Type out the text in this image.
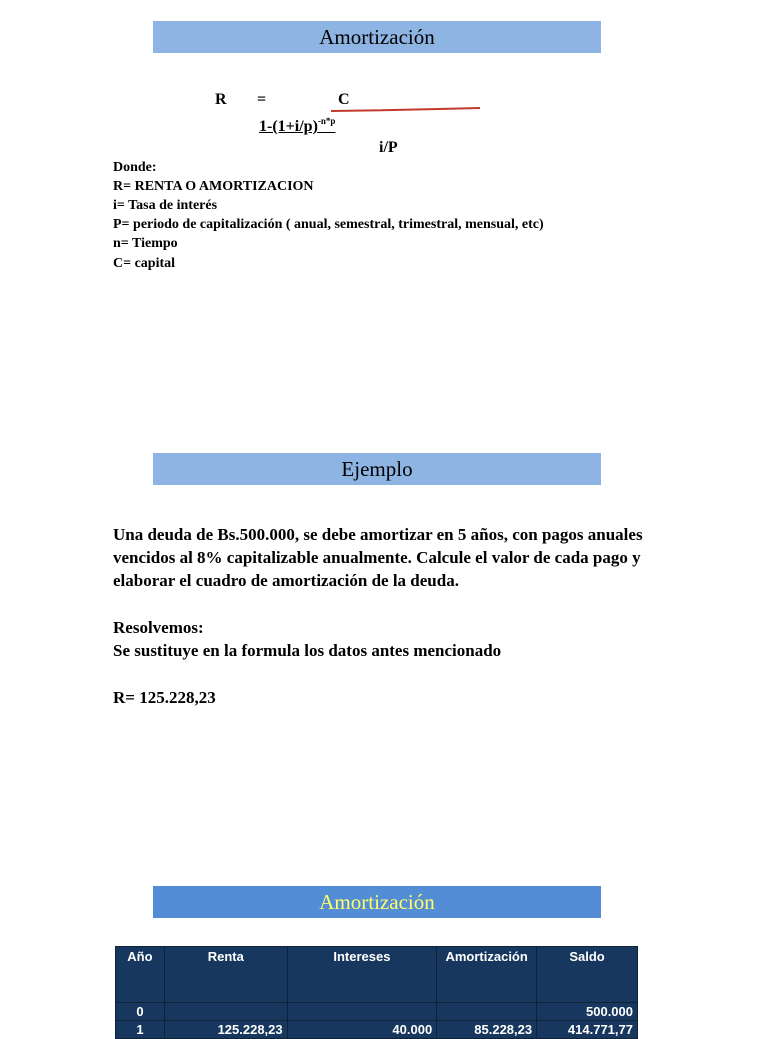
Amortización
R =	C
$1-(1+i/p)^{-n*p}$
i/P
Donde:
R= RENTA O AMORTIZACION
i= Tasa de interés
P= periodo de capitalización ( anual, semestral, trimestral, mensual, etc)
n= Tiempo
C= capital
Ejemplo
Una deuda de Bs.500.000, se debe amortizar en 5 años, con pagos anuales
vencidos al 8% capitalizable anualmente. Calcule el valor de cada pago y
elaborar el cuadro de amortización de la deuda.
Resolvemos:
Se sustituye en la formula los datos antes mencionado
R= 125.228,23
Amortización
Año	Renta	Intereses	Amortización	Saldo
0				500.000
1	125.228,23	40.000	85.228,23	414.771,77
